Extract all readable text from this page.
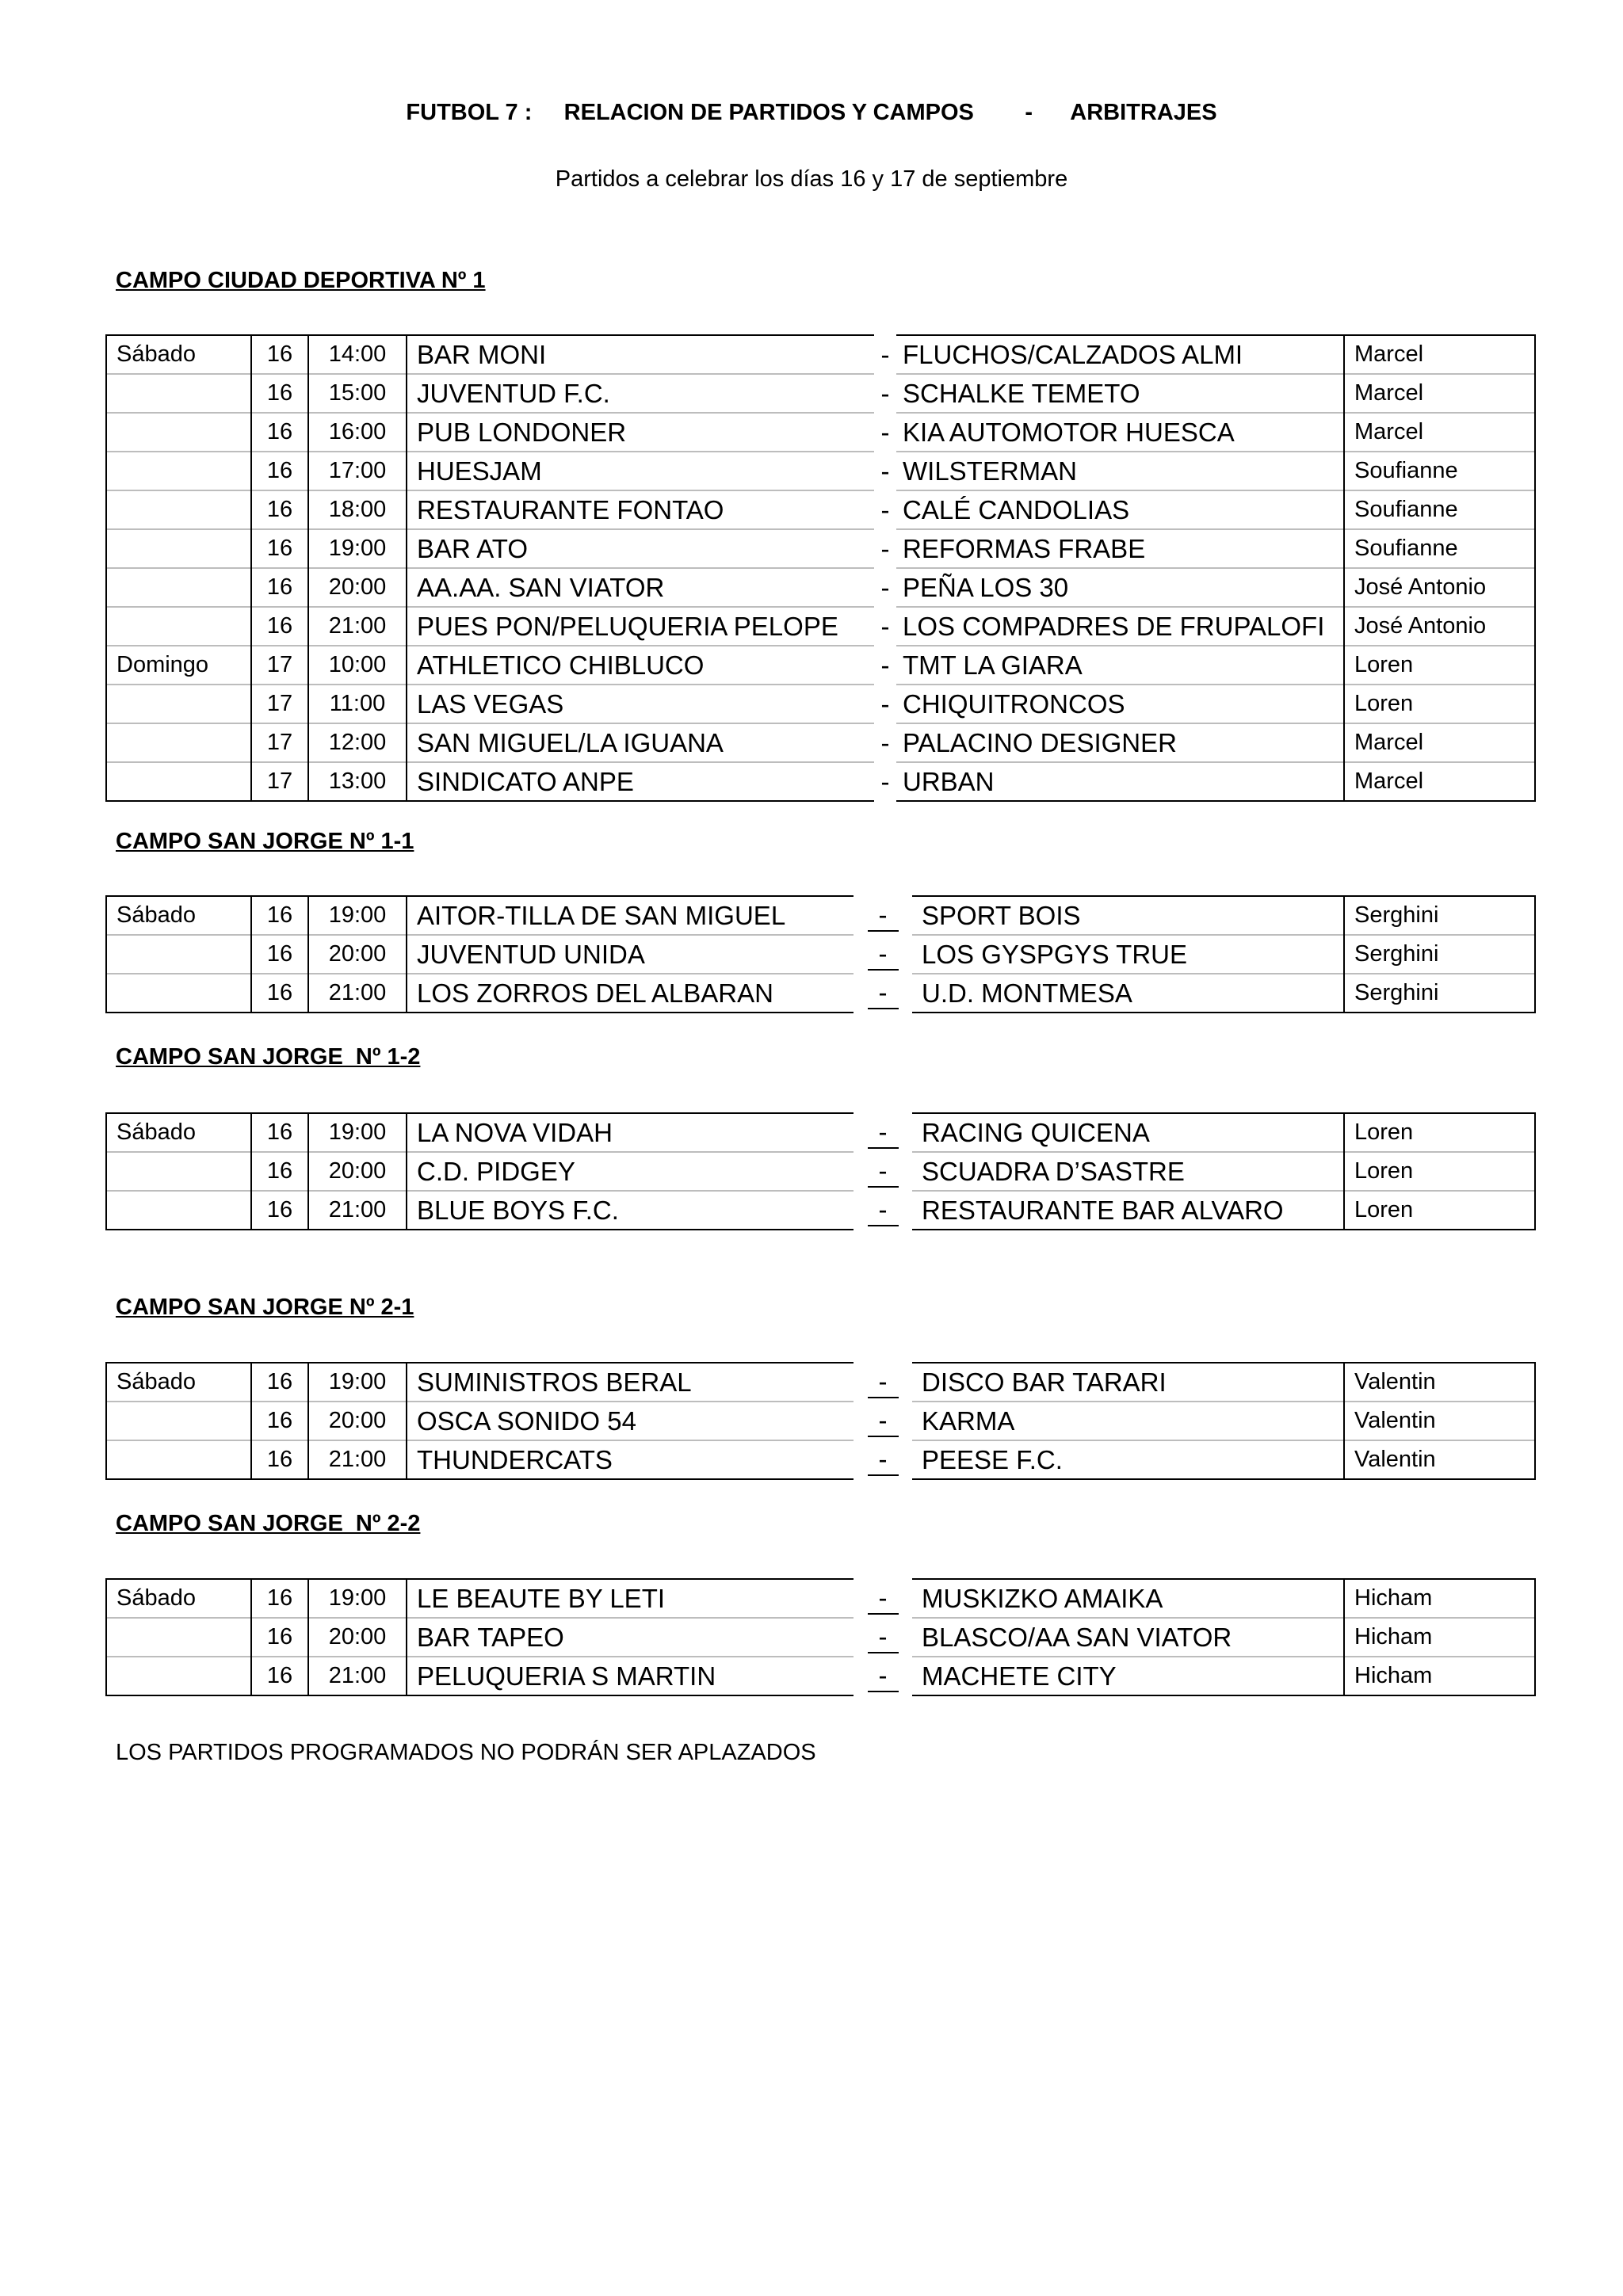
FUTBOL 7 :     RELACION DE PARTIDOS Y CAMPOS        -      ARBITRAJES
Partidos a celebrar los días 16 y 17 de septiembre
CAMPO CIUDAD DEPORTIVA Nº 1
Sábado	16	14:00	BAR MONI	-	FLUCHOS/CALZADOS ALMI	Marcel
	16	15:00	JUVENTUD F.C.	-	SCHALKE TEMETO	Marcel
	16	16:00	PUB LONDONER	-	KIA AUTOMOTOR HUESCA	Marcel
	16	17:00	HUESJAM	-	WILSTERMAN	Soufianne
	16	18:00	RESTAURANTE FONTAO	-	CALÉ CANDOLIAS	Soufianne
	16	19:00	BAR ATO	-	REFORMAS FRABE	Soufianne
	16	20:00	AA.AA. SAN VIATOR	-	PEÑA LOS 30	José Antonio
	16	21:00	PUES PON/PELUQUERIA PELOPE	-	LOS COMPADRES DE FRUPALOFI	José Antonio
Domingo	17	10:00	ATHLETICO CHIBLUCO	-	TMT LA GIARA	Loren
	17	11:00	LAS VEGAS	-	CHIQUITRONCOS	Loren
	17	12:00	SAN MIGUEL/LA IGUANA	-	PALACINO DESIGNER	Marcel
	17	13:00	SINDICATO ANPE	-	URBAN	Marcel
CAMPO SAN JORGE Nº 1-1
Sábado	16	19:00	AITOR-TILLA DE SAN MIGUEL	-	SPORT BOIS	Serghini
	16	20:00	JUVENTUD UNIDA	-	LOS GYSPGYS TRUE	Serghini
	16	21:00	LOS ZORROS DEL ALBARAN	-	U.D. MONTMESA	Serghini
CAMPO SAN JORGE  Nº 1-2
Sábado	16	19:00	LA NOVA VIDAH	-	RACING QUICENA	Loren
	16	20:00	C.D. PIDGEY	-	SCUADRA D’SASTRE	Loren
	16	21:00	BLUE BOYS F.C.	-	RESTAURANTE BAR ALVARO	Loren
CAMPO SAN JORGE Nº 2-1
Sábado	16	19:00	SUMINISTROS BERAL	-	DISCO BAR TARARI	Valentin
	16	20:00	OSCA SONIDO 54	-	KARMA	Valentin
	16	21:00	THUNDERCATS	-	PEESE F.C.	Valentin
CAMPO SAN JORGE  Nº 2-2
Sábado	16	19:00	LE BEAUTE BY LETI	-	MUSKIZKO AMAIKA	Hicham
	16	20:00	BAR TAPEO	-	BLASCO/AA SAN VIATOR	Hicham
	16	21:00	PELUQUERIA S MARTIN	-	MACHETE CITY	Hicham
LOS PARTIDOS PROGRAMADOS NO PODRÁN SER APLAZADOS
